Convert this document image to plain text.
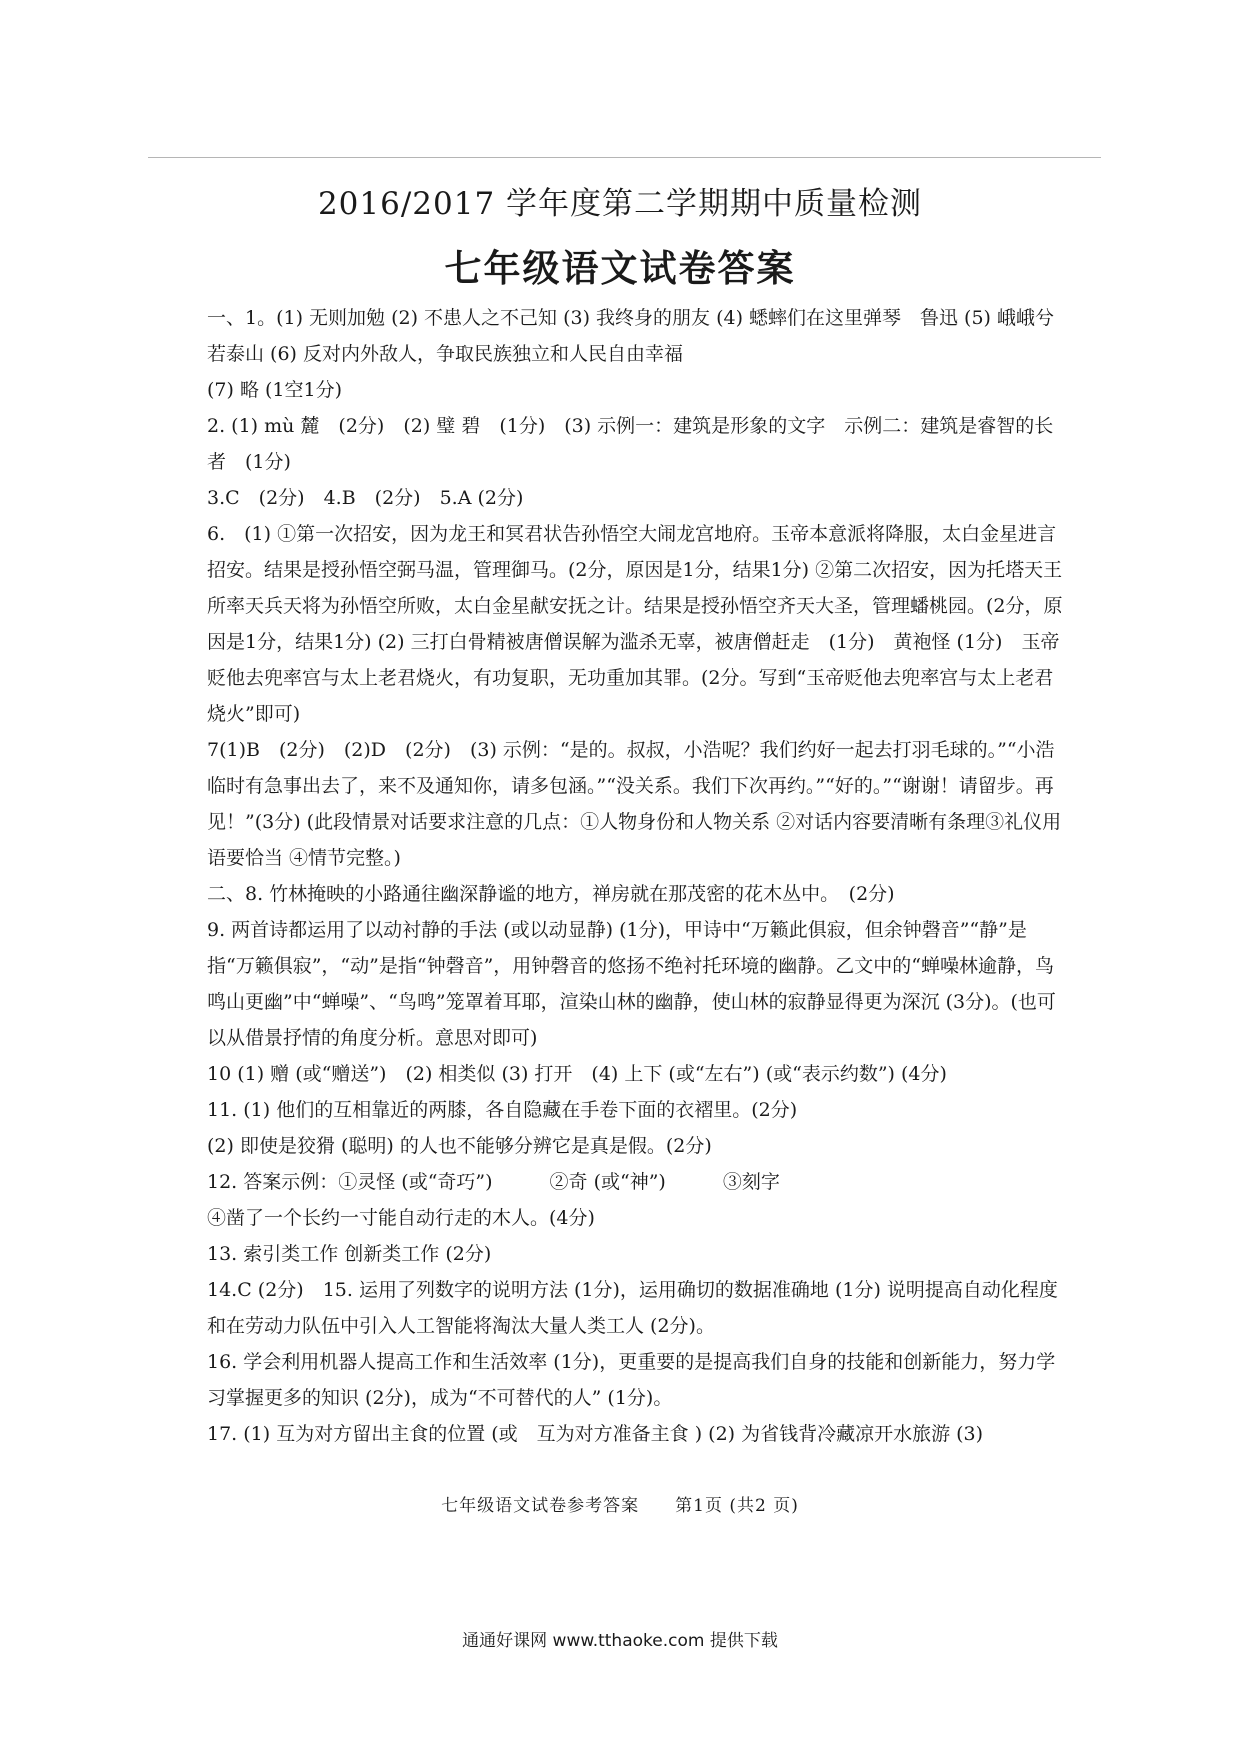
2016/2017 学年度第二学期期中质量检测
七年级语文试卷答案
一、1。(1) 无则加勉 (2) 不患人之不己知 (3) 我终身的朋友 (4) 蟋蟀们在这里弹琴　鲁迅 (5) 峨峨兮若泰山 (6) 反对内外敌人，争取民族独立和人民自由幸福
(7) 略 (1空1分)
2. (1) mù 麓　(2分)　(2) 璧 碧　(1分)　(3) 示例一：建筑是形象的文字　示例二：建筑是睿智的长者　(1分)
3.C　(2分)　4.B　(2分)　5.A (2分)
6.　(1) ①第一次招安，因为龙王和冥君状告孙悟空大闹龙宫地府。玉帝本意派将降服，太白金星进言招安。结果是授孙悟空弼马温，管理御马。(2分，原因是1分，结果1分) ②第二次招安，因为托塔天王所率天兵天将为孙悟空所败，太白金星献安抚之计。结果是授孙悟空齐天大圣，管理蟠桃园。(2分，原因是1分，结果1分) (2) 三打白骨精被唐僧误解为滥杀无辜，被唐僧赶走　(1分)　黄袍怪 (1分)　玉帝贬他去兜率宫与太上老君烧火，有功复职，无功重加其罪。(2分。写到“玉帝贬他去兜率宫与太上老君烧火”即可)
7(1)B　(2分)　(2)D　(2分)　(3) 示例：“是的。叔叔，小浩呢？我们约好一起去打羽毛球的。”“小浩临时有急事出去了，来不及通知你，请多包涵。”“没关系。我们下次再约。”“好的。”“谢谢！请留步。再见！”(3分) (此段情景对话要求注意的几点：①人物身份和人物关系 ②对话内容要清晰有条理③礼仪用语要恰当 ④情节完整。)
二、8. 竹林掩映的小路通往幽深静谧的地方，禅房就在那茂密的花木丛中。　(2分)
9. 两首诗都运用了以动衬静的手法 (或以动显静) (1分)，甲诗中“万籁此俱寂，但余钟磬音”“静”是指“万籁俱寂”，“动”是指“钟磬音”，用钟磬音的悠扬不绝衬托环境的幽静。乙文中的“蝉噪林逾静，鸟鸣山更幽”中“蝉噪”、“鸟鸣”笼罩着耳耶，渲染山林的幽静，使山林的寂静显得更为深沉 (3分)。(也可以从借景抒情的角度分析。意思对即可)
10 (1) 赠 (或“赠送”)　(2) 相类似 (3) 打开　(4) 上下 (或“左右”) (或“表示约数”) (4分)
11. (1) 他们的互相靠近的两膝，各自隐藏在手卷下面的衣褶里。(2分)
(2) 即使是狡猾 (聪明) 的人也不能够分辨它是真是假。(2分)
12. 答案示例：①灵怪 (或“奇巧”)　　　②奇 (或“神”)　　　③刻字
④凿了一个长约一寸能自动行走的木人。(4分)
13. 索引类工作 创新类工作 (2分)
14.C (2分)　15. 运用了列数字的说明方法 (1分)，运用确切的数据准确地 (1分) 说明提高自动化程度和在劳动力队伍中引入人工智能将淘汰大量人类工人 (2分)。
16. 学会利用机器人提高工作和生活效率 (1分)，更重要的是提高我们自身的技能和创新能力，努力学习掌握更多的知识 (2分)，成为“不可替代的人” (1分)。
17. (1) 互为对方留出主食的位置 (或　互为对方准备主食 ) (2) 为省钱背冷藏凉开水旅游 (3)
七年级语文试卷参考答案　　第1页 (共2 页)
通通好课网 www.tthaoke.com 提供下载
